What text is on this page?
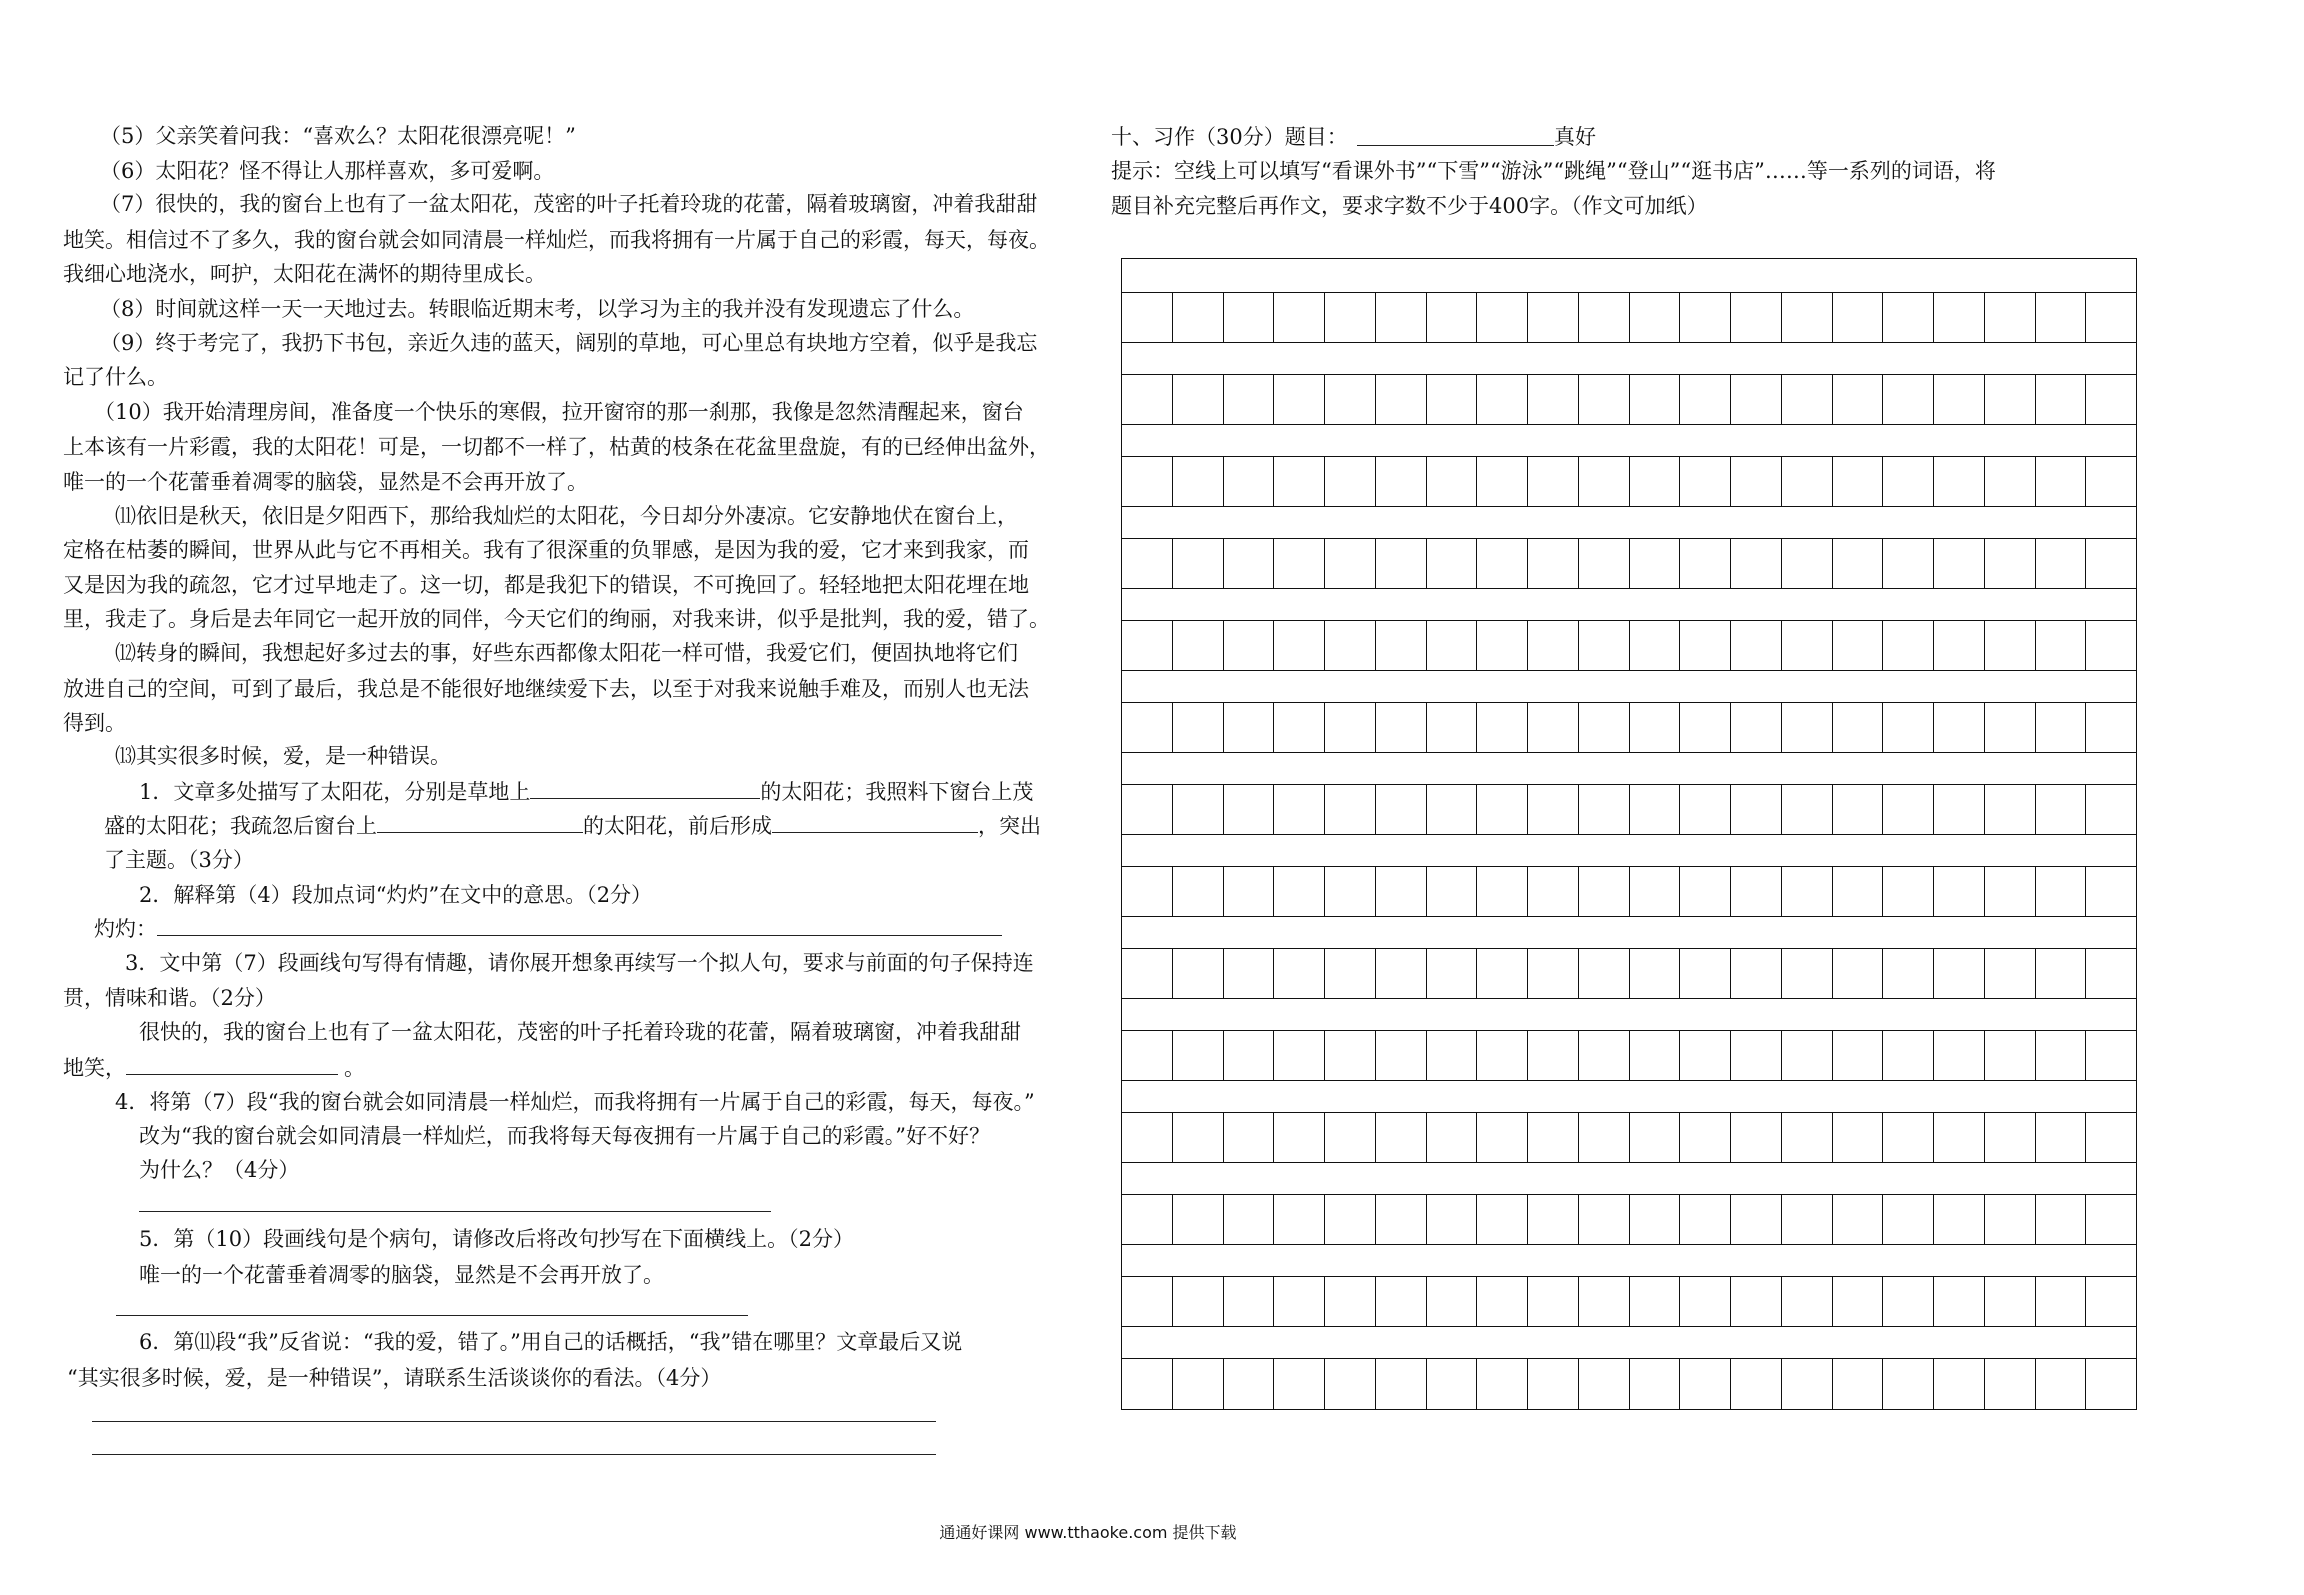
（5）父亲笑着问我：“喜欢么？太阳花很漂亮呢！”
（6）太阳花？怪不得让人那样喜欢，多可爱啊。
（7）很快的，我的窗台上也有了一盆太阳花，茂密的叶子托着玲珑的花蕾，隔着玻璃窗，冲着我甜甜
地笑。相信过不了多久，我的窗台就会如同清晨一样灿烂，而我将拥有一片属于自己的彩霞，每天，每夜。
我细心地浇水，呵护，太阳花在满怀的期待里成长。
（8）时间就这样一天一天地过去。转眼临近期末考，以学习为主的我并没有发现遗忘了什么。
（9）终于考完了，我扔下书包，亲近久违的蓝天，阔别的草地，可心里总有块地方空着，似乎是我忘
记了什么。
（10）我开始清理房间，准备度一个快乐的寒假，拉开窗帘的那一刹那，我像是忽然清醒起来，窗台
上本该有一片彩霞，我的太阳花！可是，一切都不一样了，枯黄的枝条在花盆里盘旋，有的已经伸出盆外，
唯一的一个花蕾垂着凋零的脑袋，显然是不会再开放了。
⑾依旧是秋天，依旧是夕阳西下，那给我灿烂的太阳花，今日却分外凄凉。它安静地伏在窗台上，
定格在枯萎的瞬间，世界从此与它不再相关。我有了很深重的负罪感，是因为我的爱，它才来到我家，而
又是因为我的疏忽，它才过早地走了。这一切，都是我犯下的错误，不可挽回了。轻轻地把太阳花埋在地
里，我走了。身后是去年同它一起开放的同伴，今天它们的绚丽，对我来讲，似乎是批判，我的爱，错了。
⑿转身的瞬间，我想起好多过去的事，好些东西都像太阳花一样可惜，我爱它们，便固执地将它们
放进自己的空间，可到了最后，我总是不能很好地继续爱下去，以至于对我来说触手难及，而别人也无法
得到。
⒀其实很多时候，爱，是一种错误。
1．文章多处描写了太阳花，分别是草地上	的太阳花；我照料下窗台上茂
盛的太阳花；我疏忽后窗台上	的太阳花，前后形成	，突出
了主题。（3分）
2．解释第（4）段加点词“灼灼”在文中的意思。（2分）
灼灼：
3．文中第（7）段画线句写得有情趣，请你展开想象再续写一个拟人句，要求与前面的句子保持连
贯，情味和谐。（2分）
很快的，我的窗台上也有了一盆太阳花，茂密的叶子托着玲珑的花蕾，隔着玻璃窗，冲着我甜甜
地笑，	。
4．将第（7）段“我的窗台就会如同清晨一样灿烂，而我将拥有一片属于自己的彩霞，每天，每夜。”
改为“我的窗台就会如同清晨一样灿烂，而我将每天每夜拥有一片属于自己的彩霞。”好不好？
为什么？（4分）
5．第（10）段画线句是个病句，请修改后将改句抄写在下面横线上。（2分）
唯一的一个花蕾垂着凋零的脑袋，显然是不会再开放了。
6．第⑾段“我”反省说：“我的爱，错了。”用自己的话概括，“我”错在哪里？文章最后又说
“其实很多时候，爱，是一种错误”，请联系生活谈谈你的看法。（4分）
十、习作（30分）题目：	真好
提示：空线上可以填写“看课外书”“下雪”“游泳”“跳绳”“登山”“逛书店”……等一系列的词语，将
题目补充完整后再作文，要求字数不少于400字。（作文可加纸）
通通好课网 www.tthaoke.com 提供下载
